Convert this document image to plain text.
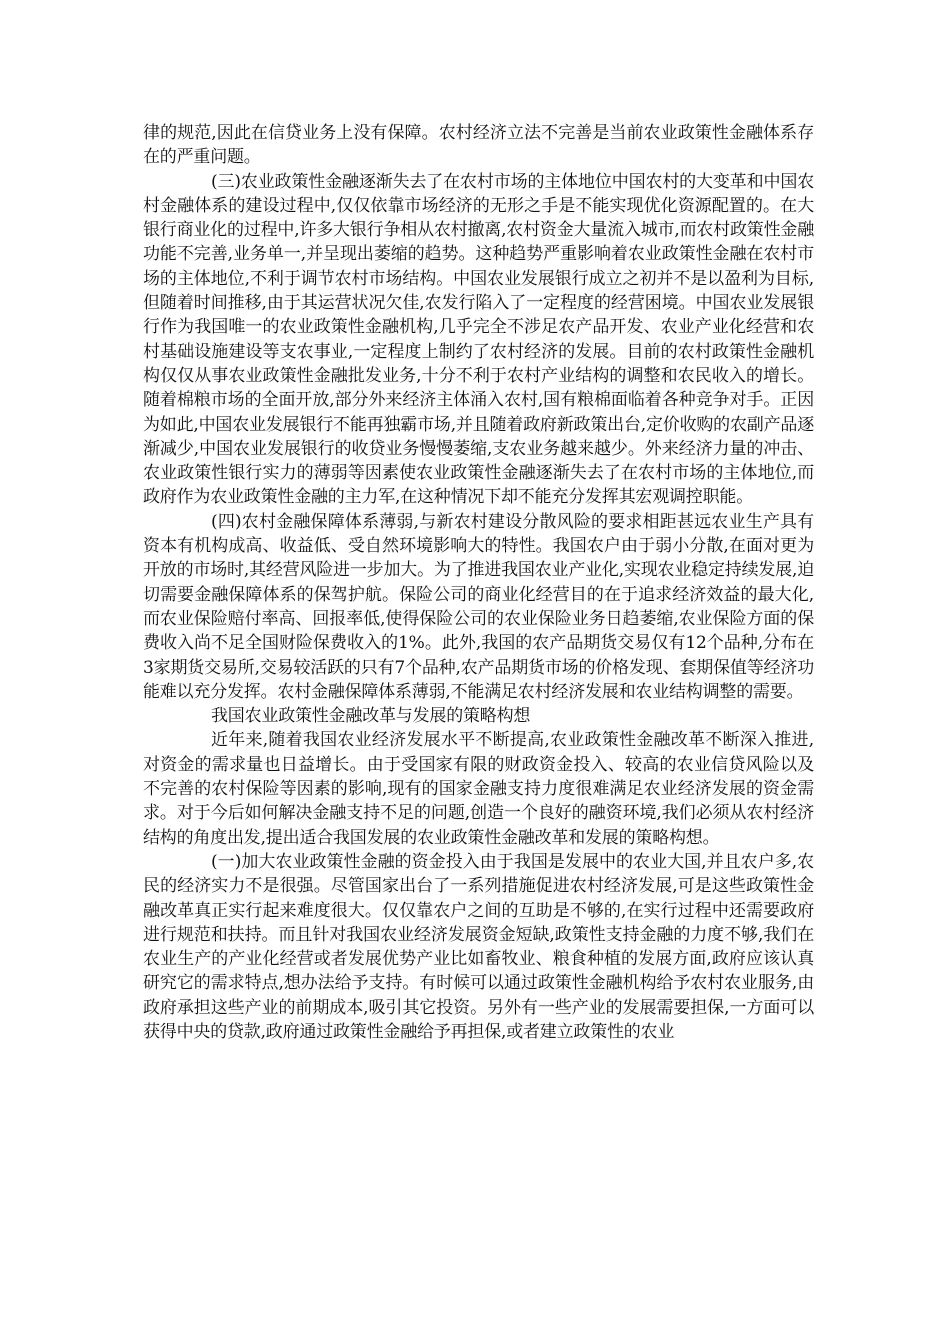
律的规范,因此在信贷业务上没有保障。农村经济立法不完善是当前农业政策性金融体系存在的严重问题。

(三)农业政策性金融逐渐失去了在农村市场的主体地位中国农村的大变革和中国农村金融体系的建设过程中,仅仅依靠市场经济的无形之手是不能实现优化资源配置的。在大银行商业化的过程中,许多大银行争相从农村撤离,农村资金大量流入城市,而农村政策性金融功能不完善,业务单一,并呈现出萎缩的趋势。这种趋势严重影响着农业政策性金融在农村市场的主体地位,不利于调节农村市场结构。中国农业发展银行成立之初并不是以盈利为目标,但随着时间推移,由于其运营状况欠佳,农发行陷入了一定程度的经营困境。中国农业发展银行作为我国唯一的农业政策性金融机构,几乎完全不涉足农产品开发、农业产业化经营和农村基础设施建设等支农事业,一定程度上制约了农村经济的发展。目前的农村政策性金融机构仅仅从事农业政策性金融批发业务,十分不利于农村产业结构的调整和农民收入的增长。随着棉粮市场的全面开放,部分外来经济主体涌入农村,国有粮棉面临着各种竞争对手。正因为如此,中国农业发展银行不能再独霸市场,并且随着政府新政策出台,定价收购的农副产品逐渐减少,中国农业发展银行的收贷业务慢慢萎缩,支农业务越来越少。外来经济力量的冲击、农业政策性银行实力的薄弱等因素使农业政策性金融逐渐失去了在农村市场的主体地位,而政府作为农业政策性金融的主力军,在这种情况下却不能充分发挥其宏观调控职能。

(四)农村金融保障体系薄弱,与新农村建设分散风险的要求相距甚远农业生产具有资本有机构成高、收益低、受自然环境影响大的特性。我国农户由于弱小分散,在面对更为开放的市场时,其经营风险进一步加大。为了推进我国农业产业化,实现农业稳定持续发展,迫切需要金融保障体系的保驾护航。保险公司的商业化经营目的在于追求经济效益的最大化,而农业保险赔付率高、回报率低,使得保险公司的农业保险业务日趋萎缩,农业保险方面的保费收入尚不足全国财险保费收入的1%。此外,我国的农产品期货交易仅有12个品种,分布在3家期货交易所,交易较活跃的只有7个品种,农产品期货市场的价格发现、套期保值等经济功能难以充分发挥。农村金融保障体系薄弱,不能满足农村经济发展和农业结构调整的需要。

我国农业政策性金融改革与发展的策略构想

近年来,随着我国农业经济发展水平不断提高,农业政策性金融改革不断深入推进,对资金的需求量也日益增长。由于受国家有限的财政资金投入、较高的农业信贷风险以及不完善的农村保险等因素的影响,现有的国家金融支持力度很难满足农业经济发展的资金需求。对于今后如何解决金融支持不足的问题,创造一个良好的融资环境,我们必须从农村经济结构的角度出发,提出适合我国发展的农业政策性金融改革和发展的策略构想。

(一)加大农业政策性金融的资金投入由于我国是发展中的农业大国,并且农户多,农民的经济实力不是很强。尽管国家出台了一系列措施促进农村经济发展,可是这些政策性金融改革真正实行起来难度很大。仅仅靠农户之间的互助是不够的,在实行过程中还需要政府进行规范和扶持。而且针对我国农业经济发展资金短缺,政策性支持金融的力度不够,我们在农业生产的产业化经营或者发展优势产业比如畜牧业、粮食种植的发展方面,政府应该认真研究它的需求特点,想办法给予支持。有时候可以通过政策性金融机构给予农村农业服务,由政府承担这些产业的前期成本,吸引其它投资。另外有一些产业的发展需要担保,一方面可以获得中央的贷款,政府通过政策性金融给予再担保,或者建立政策性的农业
